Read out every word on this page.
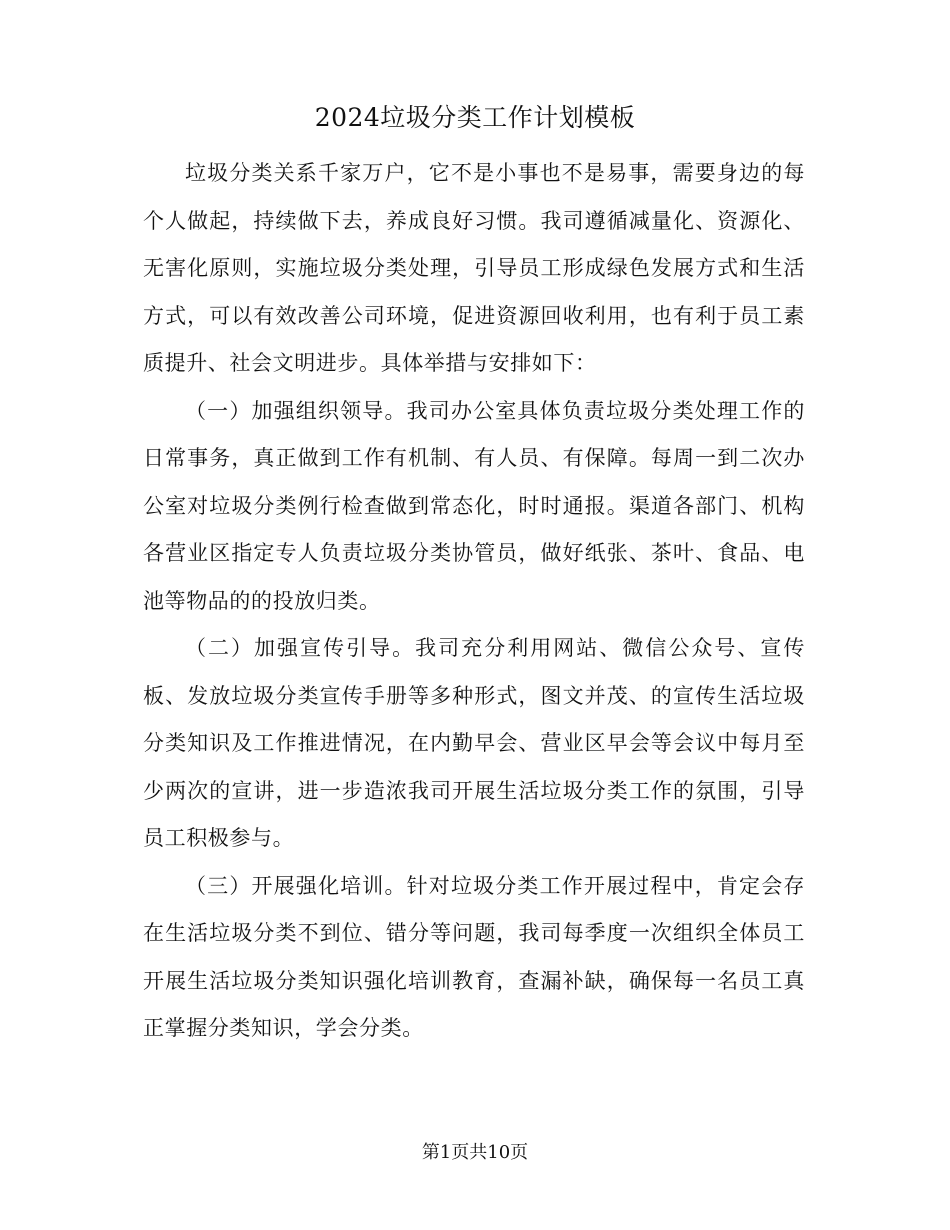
2024垃圾分类工作计划模板

垃圾分类关系千家万户，它不是小事也不是易事，需要身边的每个人做起，持续做下去，养成良好习惯。我司遵循减量化、资源化、无害化原则，实施垃圾分类处理，引导员工形成绿色发展方式和生活方式，可以有效改善公司环境，促进资源回收利用，也有利于员工素质提升、社会文明进步。具体举措与安排如下：

（一）加强组织领导。我司办公室具体负责垃圾分类处理工作的日常事务，真正做到工作有机制、有人员、有保障。每周一到二次办公室对垃圾分类例行检查做到常态化，时时通报。渠道各部门、机构各营业区指定专人负责垃圾分类协管员，做好纸张、茶叶、食品、电池等物品的的投放归类。

（二）加强宣传引导。我司充分利用网站、微信公众号、宣传板、发放垃圾分类宣传手册等多种形式，图文并茂、的宣传生活垃圾分类知识及工作推进情况，在内勤早会、营业区早会等会议中每月至少两次的宣讲，进一步造浓我司开展生活垃圾分类工作的氛围，引导员工积极参与。

（三）开展强化培训。针对垃圾分类工作开展过程中，肯定会存在生活垃圾分类不到位、错分等问题，我司每季度一次组织全体员工开展生活垃圾分类知识强化培训教育，查漏补缺，确保每一名员工真正掌握分类知识，学会分类。

第1页共10页
